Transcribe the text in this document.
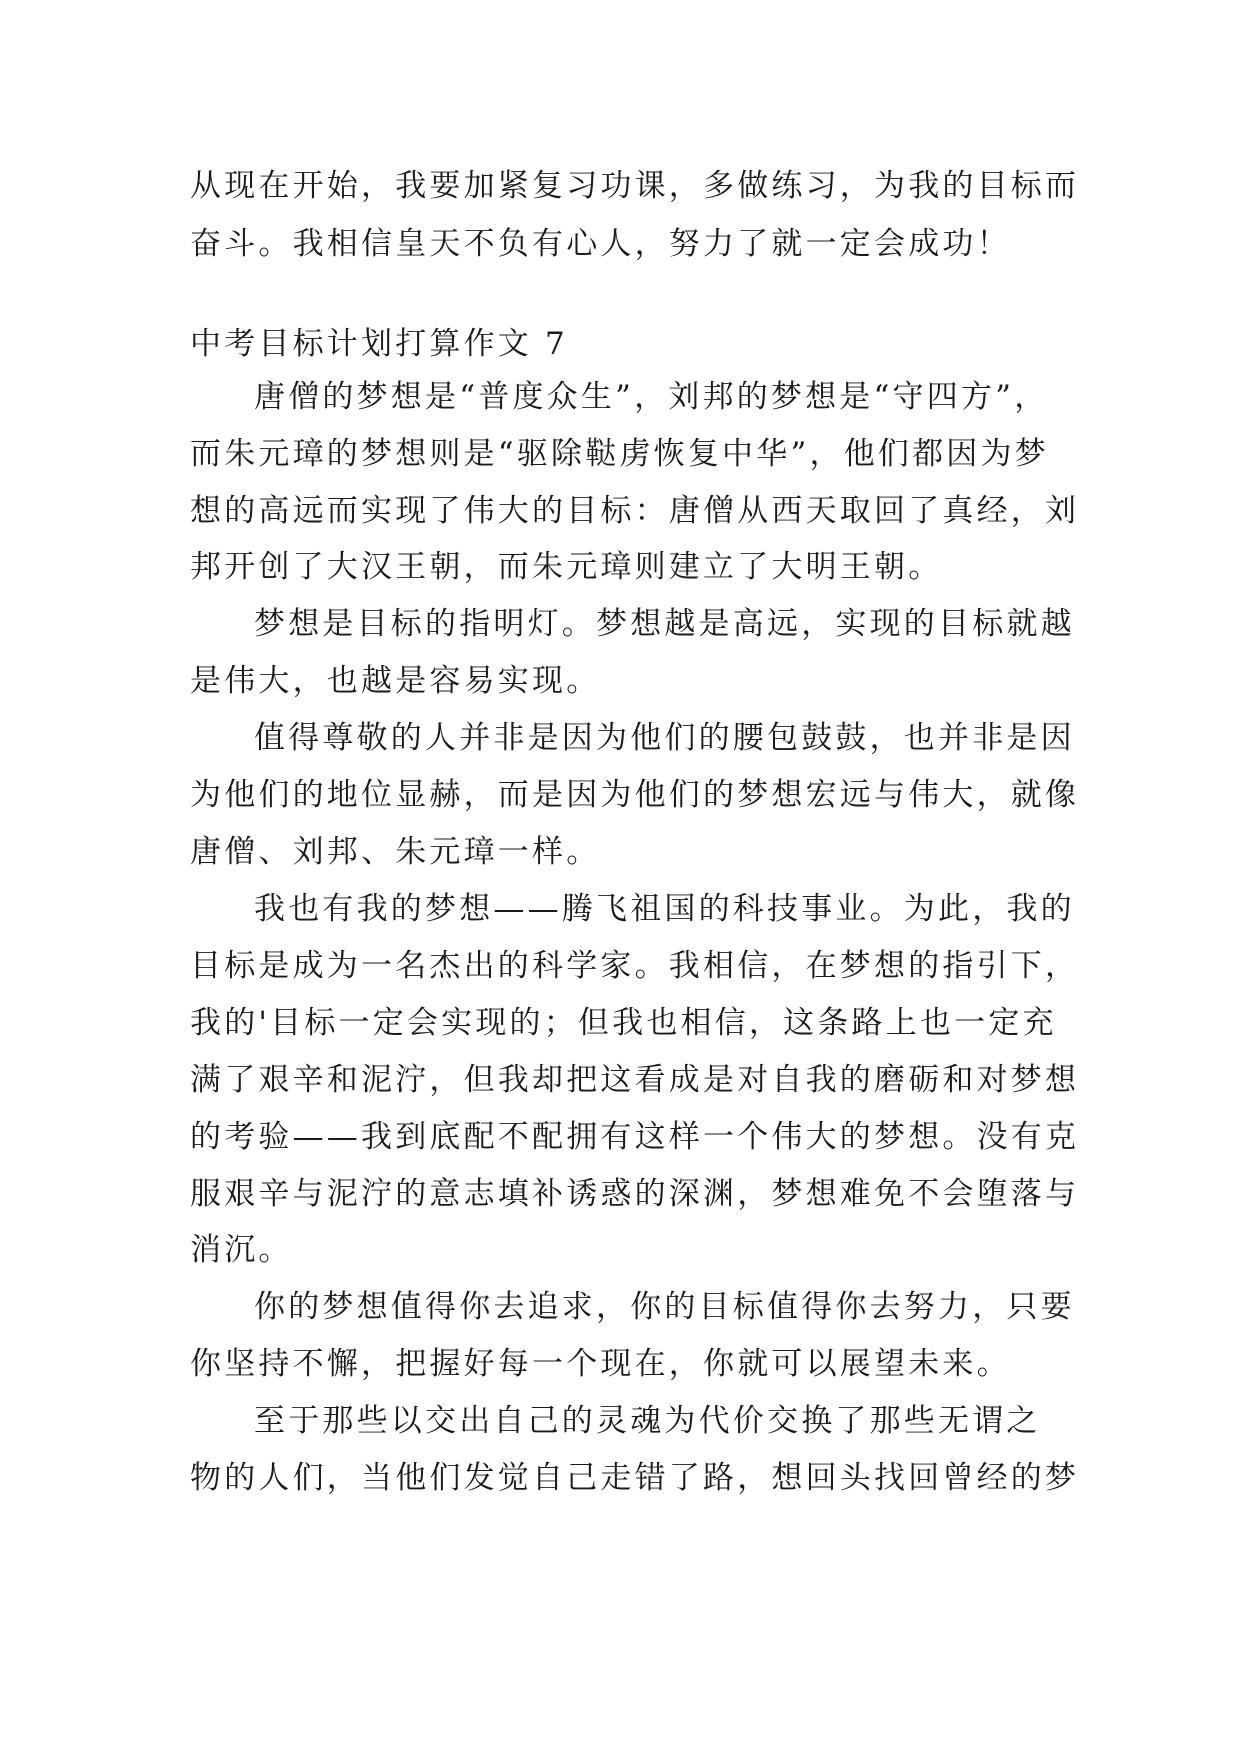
从现在开始，我要加紧复习功课，多做练习，为我的目标而
奋斗。我相信皇天不负有心人，努力了就一定会成功！
中考目标计划打算作文 7
唐僧的梦想是“普度众生”，刘邦的梦想是“守四方”，
而朱元璋的梦想则是“驱除鞑虏恢复中华”，他们都因为梦
想的高远而实现了伟大的目标：唐僧从西天取回了真经，刘
邦开创了大汉王朝，而朱元璋则建立了大明王朝。
梦想是目标的指明灯。梦想越是高远，实现的目标就越
是伟大，也越是容易实现。
值得尊敬的人并非是因为他们的腰包鼓鼓，也并非是因
为他们的地位显赫，而是因为他们的梦想宏远与伟大，就像
唐僧、刘邦、朱元璋一样。
我也有我的梦想——腾飞祖国的科技事业。为此，我的
目标是成为一名杰出的科学家。我相信，在梦想的指引下，
我的'目标一定会实现的；但我也相信，这条路上也一定充
满了艰辛和泥泞，但我却把这看成是对自我的磨砺和对梦想
的考验——我到底配不配拥有这样一个伟大的梦想。没有克
服艰辛与泥泞的意志填补诱惑的深渊，梦想难免不会堕落与
消沉。
你的梦想值得你去追求，你的目标值得你去努力，只要
你坚持不懈，把握好每一个现在，你就可以展望未来。
至于那些以交出自己的灵魂为代价交换了那些无谓之
物的人们，当他们发觉自己走错了路，想回头找回曾经的梦
